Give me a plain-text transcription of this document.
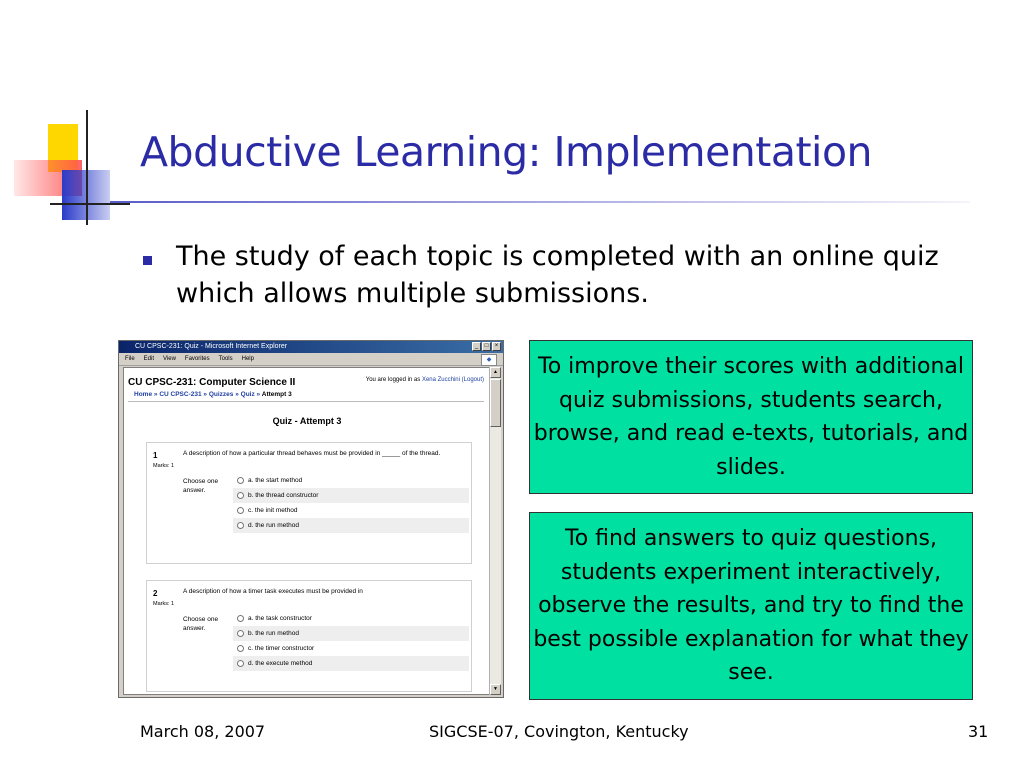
Abductive Learning: Implementation
The study of each topic is completed with an online quiz which allows multiple submissions.
CU CPSC-231: Quiz - Microsoft Internet Explorer	_	□	×
File Edit View Favorites Tools Help	◆
CU CPSC-231: Computer Science II	You are logged in as Xena Zucchini (Logout)
Home » CU CPSC-231 » Quizzes » Quiz » Attempt 3
Quiz - Attempt 3
1
Marks: 1
A description of how a particular thread behaves must be provided in _____ of the thread.
Choose one answer.
a. the start method
b. the thread constructor
c. the init method
d. the run method
2
Marks: 1
A description of how a timer task executes must be provided in
Choose one answer.
a. the task constructor
b. the run method
c. the timer constructor
d. the execute method
▲
▼
To improve their scores with additional quiz submissions, students search, browse, and read e-texts, tutorials, and slides.
To find answers to quiz questions, students experiment interactively, observe the results, and try to find the best possible explanation for what they see.
March 08, 2007	SIGCSE-07, Covington, Kentucky	31
